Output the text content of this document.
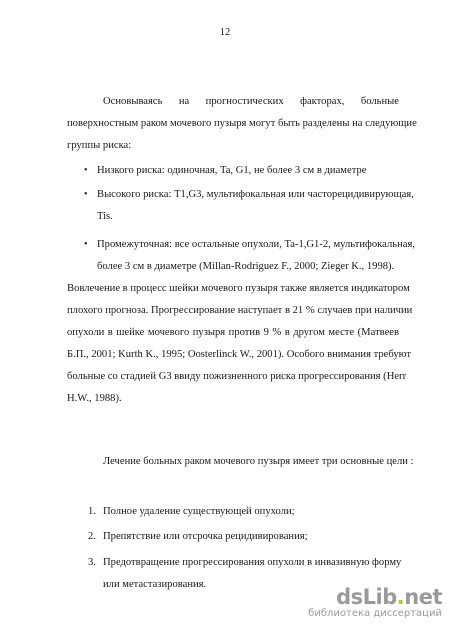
12
Основываясь на прогностических факторах, больные
поверхностным раком мочевого пузыря могут быть разделены на следующие
группы риска:
• Низкого риска: одиночная, Ta, G1, не более 3 см в диаметре
• Высокого риска: T1,G3, мультифокальная или часторецидивирующая,
Tis.
• Промежуточная: все остальные опухоли, Ta-1,G1-2, мультифокальная,
более 3 см в диаметре (Millan-Rodriguez F., 2000; Zieger K., 1998).
Вовлечение в процесс шейки мочевого пузыря также является индикатором
плохого прогноза. Прогрессирование наступает в 21 % случаев при наличии
опухоли в шейке мочевого пузыря против 9 % в другом месте (Матвеев
Б.П., 2001; Kurth K., 1995; Oosterlinck W., 2001). Особого внимания требуют
больные со стадией G3 ввиду пожизненного риска прогрессирования (Herr
H.W., 1988).
Лечение больных раком мочевого пузыря имеет три основные цели :
1. Полное удаление существующей опухоли;
2. Препятствие или отсрочка рецидивирования;
3. Предотвращение прогрессирования опухоли в инвазивную форму
или метастазирования.
dsLib.net
библиотека диссертаций
